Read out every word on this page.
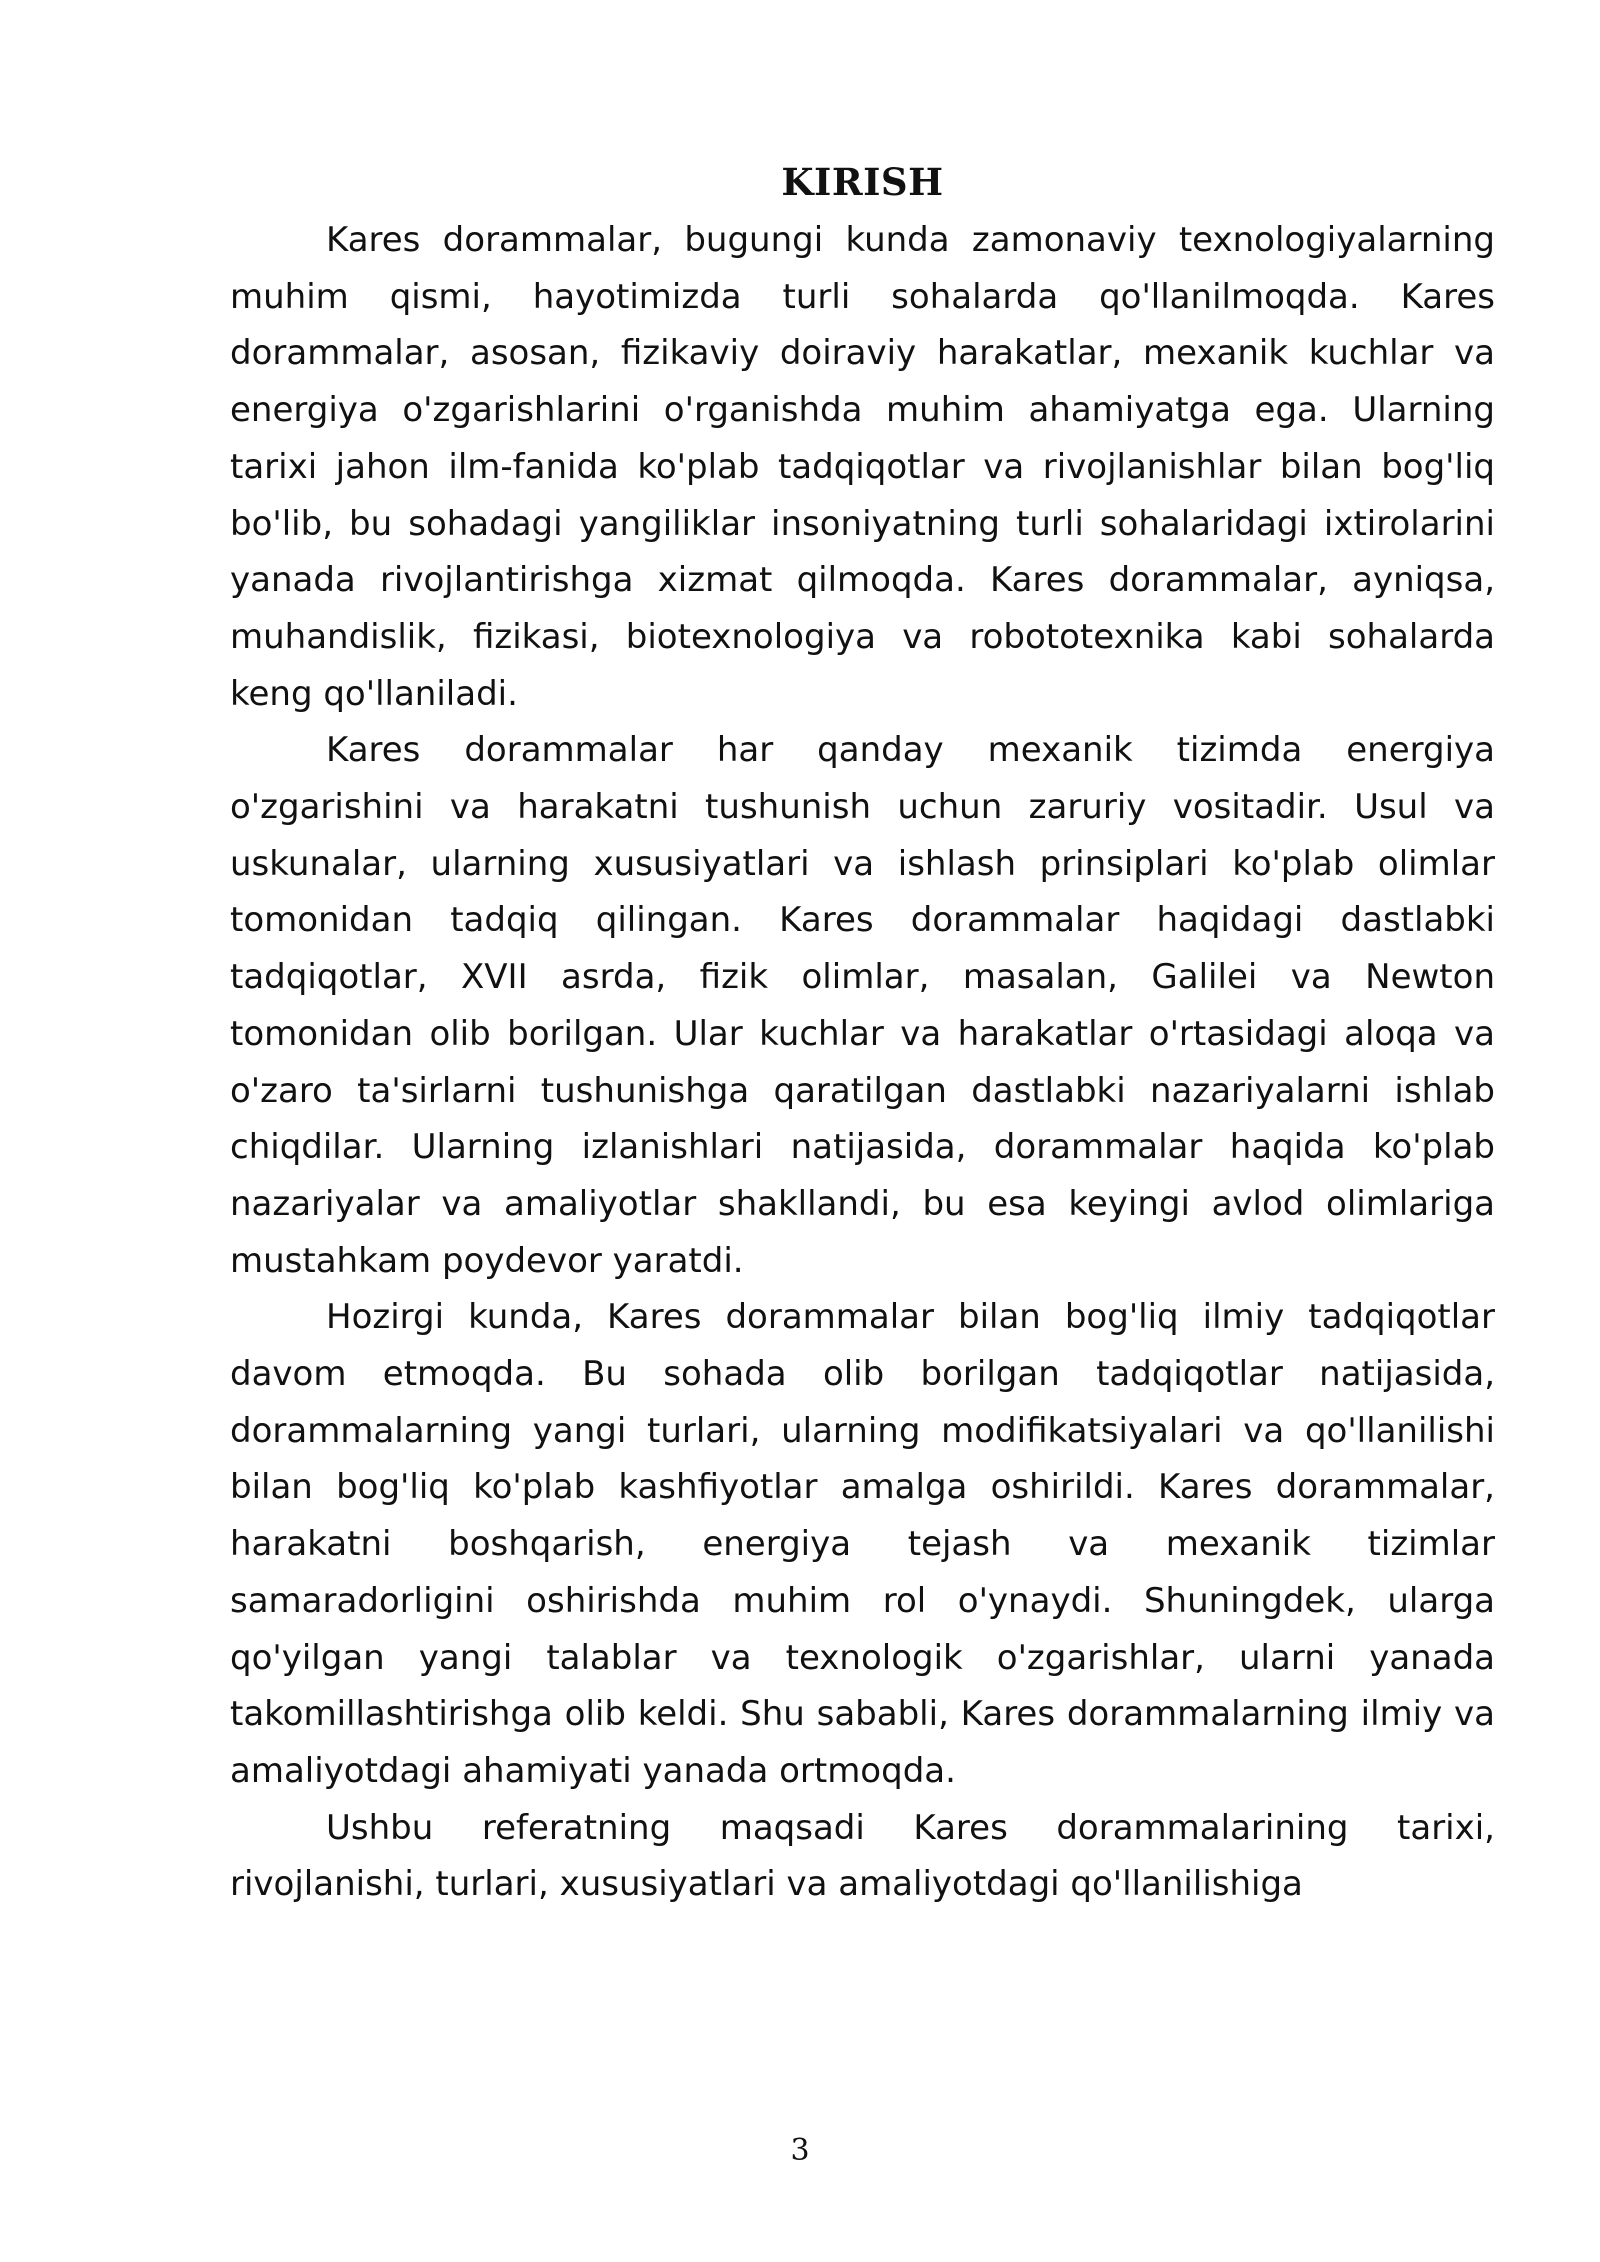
KIRISH

Kares dorammalar, bugungi kunda zamonaviy texnologiyalarning muhim qismi, hayotimizda turli sohalarda qo'llanilmoqda. Kares dorammalar, asosan, fizikaviy doiraviy harakatlar, mexanik kuchlar va energiya o'zgarishlarini o'rganishda muhim ahamiyatga ega. Ularning tarixi jahon ilm-fanida ko'plab tadqiqotlar va rivojlanishlar bilan bog'liq bo'lib, bu sohadagi yangiliklar insoniyatning turli sohalaridagi ixtirolarini yanada rivojlantirishga xizmat qilmoqda. Kares dorammalar, ayniqsa, muhandislik, fizikasi, biotexnologiya va robototexnika kabi sohalarda keng qo'llaniladi.

Kares dorammalar har qanday mexanik tizimda energiya o'zgarishini va harakatni tushunish uchun zaruriy vositadir. Usul va uskunalar, ularning xususiyatlari va ishlash prinsiplari ko'plab olimlar tomonidan tadqiq qilingan. Kares dorammalar haqidagi dastlabki tadqiqotlar, XVII asrda, fizik olimlar, masalan, Galilei va Newton tomonidan olib borilgan. Ular kuchlar va harakatlar o'rtasidagi aloqa va o'zaro ta'sirlarni tushunishga qaratilgan dastlabki nazariyalarni ishlab chiqdilar. Ularning izlanishlari natijasida, dorammalar haqida ko'plab nazariyalar va amaliyotlar shakllandi, bu esa keyingi avlod olimlariga mustahkam poydevor yaratdi.

Hozirgi kunda, Kares dorammalar bilan bog'liq ilmiy tadqiqotlar davom etmoqda. Bu sohada olib borilgan tadqiqotlar natijasida, dorammalarning yangi turlari, ularning modifikatsiyalari va qo'llanilishi bilan bog'liq ko'plab kashfiyotlar amalga oshirildi. Kares dorammalar, harakatni boshqarish, energiya tejash va mexanik tizimlar samaradorligini oshirishda muhim rol o'ynaydi. Shuningdek, ularga qo'yilgan yangi talablar va texnologik o'zgarishlar, ularni yanada takomillashtirishga olib keldi. Shu sababli, Kares dorammalarning ilmiy va amaliyotdagi ahamiyati yanada ortmoqda.

Ushbu referatning maqsadi Kares dorammalarining tarixi, rivojlanishi, turlari, xususiyatlari va amaliyotdagi qo'llanilishiga

3
